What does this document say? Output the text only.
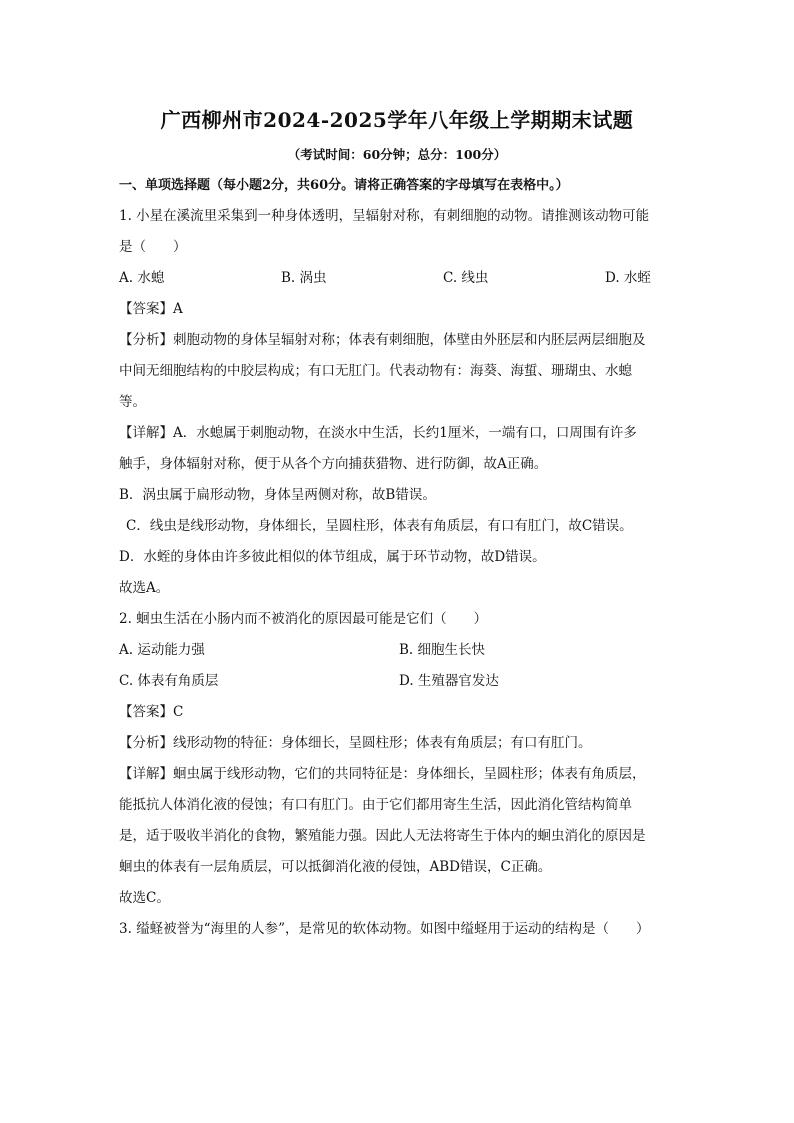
广西柳州市2024-2025学年八年级上学期期末试题
（考试时间：60分钟；总分：100分）
一、单项选择题（每小题2分，共60分。请将正确答案的字母填写在表格中。）
1. 小星在溪流里采集到一种身体透明，呈辐射对称，有刺细胞的动物。请推测该动物可能
是（　　）
A. 水螅	B. 涡虫	C. 线虫	D. 水蛭
【答案】A
【分析】刺胞动物的身体呈辐射对称；体表有刺细胞，体壁由外胚层和内胚层两层细胞及
中间无细胞结构的中胶层构成；有口无肛门。代表动物有：海葵、海蜇、珊瑚虫、水螅
等。
【详解】A．水螅属于刺胞动物，在淡水中生活，长约1厘米，一端有口，口周围有许多
触手，身体辐射对称，便于从各个方向捕获猎物、进行防御，故A正确。
B．涡虫属于扁形动物，身体呈两侧对称，故B错误。
C．线虫是线形动物，身体细长，呈圆柱形，体表有角质层，有口有肛门，故C错误。
D．水蛭的身体由许多彼此相似的体节组成，属于环节动物，故D错误。
故选A。
2. 蛔虫生活在小肠内而不被消化的原因最可能是它们（　　）
A. 运动能力强	B. 细胞生长快
C. 体表有角质层	D. 生殖器官发达
【答案】C
【分析】线形动物的特征：身体细长，呈圆柱形；体表有角质层；有口有肛门。
【详解】蛔虫属于线形动物，它们的共同特征是：身体细长，呈圆柱形；体表有角质层，
能抵抗人体消化液的侵蚀；有口有肛门。由于它们都用寄生生活，因此消化管结构简单
是，适于吸收半消化的食物，繁殖能力强。因此人无法将寄生于体内的蛔虫消化的原因是
蛔虫的体表有一层角质层，可以抵御消化液的侵蚀，ABD错误，C正确。
故选C。
3. 缢蛏被誉为“海里的人参”，是常见的软体动物。如图中缢蛏用于运动的结构是（　　）
